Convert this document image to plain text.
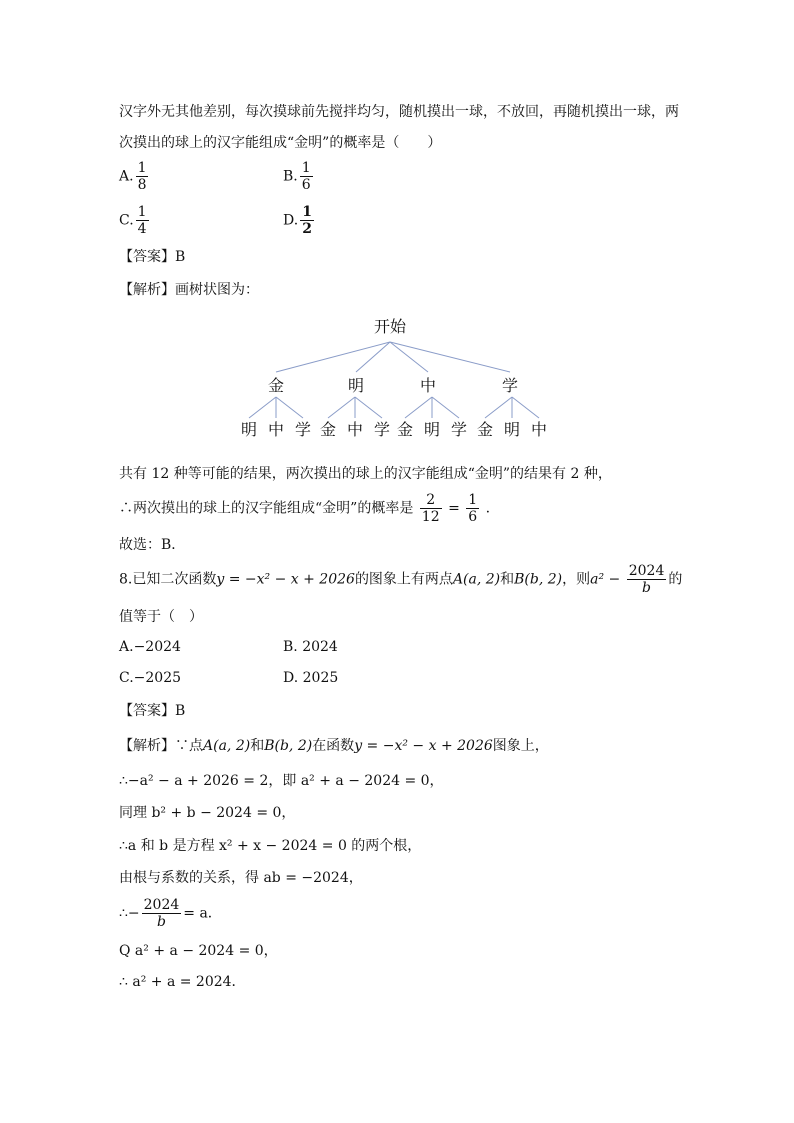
汉字外无其他差别，每次摸球前先搅拌均匀，随机摸出一球，不放回，再随机摸出一球，两
次摸出的球上的汉字能组成“金明”的概率是（　　）
A. $\frac{1}{8}$	B. $\frac{1}{6}$
C. $\frac{1}{4}$	D. $\frac{1}{2}$
【答案】B
【解析】画树状图为：
开始
金	明	中	学
明 中 学 金 中 学 金 明 学 金 明 中
共有 12 种等可能的结果，两次摸出的球上的汉字能组成“金明”的结果有 2 种，
∴两次摸出的球上的汉字能组成“金明”的概率是 $\frac{2}{12} = \frac{1}{6}$ .
故选：B．
8.已知二次函数y = −x² − x + 2026的图象上有两点A(a, 2)和B(b, 2)，则$a^2 - \frac{2024}{b}$ 的
值等于（　）
A.−2024	B. 2024
C.−2025	D. 2025
【答案】B
【解析】∵点A(a, 2)和B(b, 2)在函数y = −x² − x + 2026图象上，
∴−a² − a + 2026 = 2，即 a² + a − 2024 = 0，
同理 b² + b − 2024 = 0，
∴a 和 b 是方程 x² + x − 2024 = 0 的两个根，
由根与系数的关系，得 ab = −2024，
∴− $\frac{2024}{b} = a$．
Q a² + a − 2024 = 0，
∴ a² + a = 2024．
